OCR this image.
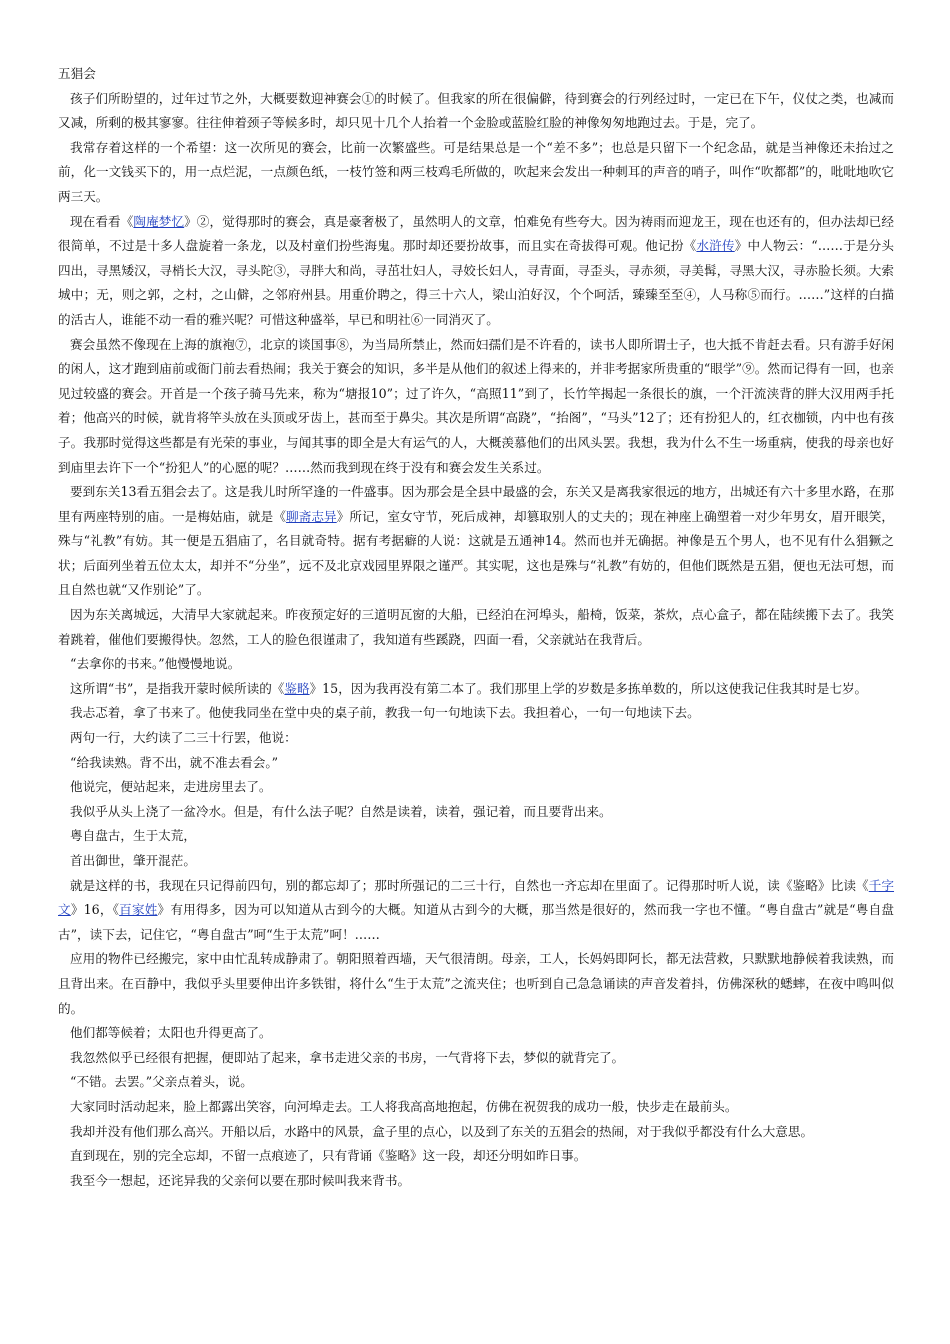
五猖会

孩子们所盼望的，过年过节之外，大概要数迎神赛会①的时候了。但我家的所在很偏僻，待到赛会的行列经过时，一定已在下午，仪仗之类，也减而又减，所剩的极其寥寥。往往伸着颈子等候多时，却只见十几个人抬着一个金脸或蓝脸红脸的神像匆匆地跑过去。于是，完了。

我常存着这样的一个希望：这一次所见的赛会，比前一次繁盛些。可是结果总是一个“差不多”；也总是只留下一个纪念品，就是当神像还未抬过之前，化一文钱买下的，用一点烂泥，一点颜色纸，一枝竹签和两三枝鸡毛所做的，吹起来会发出一种刺耳的声音的哨子，叫作“吹都都”的，吡吡地吹它两三天。

现在看看《陶庵梦忆》②，觉得那时的赛会，真是豪奢极了，虽然明人的文章，怕难免有些夸大。因为祷雨而迎龙王，现在也还有的，但办法却已经很简单，不过是十多人盘旋着一条龙，以及村童们扮些海鬼。那时却还要扮故事，而且实在奇拔得可观。他记扮《水浒传》中人物云：“……于是分头四出，寻黑矮汉，寻梢长大汉，寻头陀③，寻胖大和尚，寻茁壮妇人，寻姣长妇人，寻青面，寻歪头，寻赤须，寻美髯，寻黑大汉，寻赤脸长须。大索城中；无，则之郭，之村，之山僻，之邻府州县。用重价聘之，得三十六人，梁山泊好汉，个个呵活，臻臻至至④，人马称⑤而行。……”这样的白描的活古人，谁能不动一看的雅兴呢？可惜这种盛举，早已和明社⑥一同消灭了。

赛会虽然不像现在上海的旗袍⑦，北京的谈国事⑧，为当局所禁止，然而妇孺们是不许看的，读书人即所谓士子，也大抵不肯赶去看。只有游手好闲的闲人，这才跑到庙前或衙门前去看热闹；我关于赛会的知识，多半是从他们的叙述上得来的，并非考据家所贵重的“眼学”⑨。然而记得有一回，也亲见过较盛的赛会。开首是一个孩子骑马先来，称为“塘报10”；过了许久，“高照11”到了，长竹竿揭起一条很长的旗，一个汗流浃背的胖大汉用两手托着；他高兴的时候，就肯将竿头放在头顶或牙齿上，甚而至于鼻尖。其次是所谓“高跷”，“抬阁”，“马头”12了；还有扮犯人的，红衣枷锁，内中也有孩子。我那时觉得这些都是有光荣的事业，与闻其事的即全是大有运气的人，大概羡慕他们的出风头罢。我想，我为什么不生一场重病，使我的母亲也好到庙里去许下一个“扮犯人”的心愿的呢？……然而我到现在终于没有和赛会发生关系过。

要到东关13看五猖会去了。这是我儿时所罕逢的一件盛事。因为那会是全县中最盛的会，东关又是离我家很远的地方，出城还有六十多里水路，在那里有两座特别的庙。一是梅姑庙，就是《聊斋志异》所记，室女守节，死后成神，却篡取别人的丈夫的；现在神座上确塑着一对少年男女，眉开眼笑，殊与“礼教”有妨。其一便是五猖庙了，名目就奇特。据有考据癖的人说：这就是五通神14。然而也并无确据。神像是五个男人，也不见有什么猖獗之状；后面列坐着五位太太，却并不“分坐”，远不及北京戏园里界限之谨严。其实呢，这也是殊与“礼教”有妨的，但他们既然是五猖，便也无法可想，而且自然也就“又作别论”了。

因为东关离城远，大清早大家就起来。昨夜预定好的三道明瓦窗的大船，已经泊在河埠头，船椅，饭菜，茶炊，点心盒子，都在陆续搬下去了。我笑着跳着，催他们要搬得快。忽然，工人的脸色很谨肃了，我知道有些蹊跷，四面一看，父亲就站在我背后。

“去拿你的书来。”他慢慢地说。

这所谓“书”，是指我开蒙时候所读的《鉴略》15，因为我再没有第二本了。我们那里上学的岁数是多拣单数的，所以这使我记住我其时是七岁。

我忐忑着，拿了书来了。他使我同坐在堂中央的桌子前，教我一句一句地读下去。我担着心，一句一句地读下去。

两句一行，大约读了二三十行罢，他说：

“给我读熟。背不出，就不准去看会。”

他说完，便站起来，走进房里去了。

我似乎从头上浇了一盆冷水。但是，有什么法子呢？自然是读着，读着，强记着，而且要背出来。

粤自盘古，生于太荒，

首出御世，肇开混茫。

就是这样的书，我现在只记得前四句，别的都忘却了；那时所强记的二三十行，自然也一齐忘却在里面了。记得那时听人说，读《鉴略》比读《千字文》16，《百家姓》有用得多，因为可以知道从古到今的大概。知道从古到今的大概，那当然是很好的，然而我一字也不懂。“粤自盘古”就是“粤自盘古”，读下去，记住它，“粤自盘古”呵“生于太荒”呵！……

应用的物件已经搬完，家中由忙乱转成静肃了。朝阳照着西墙，天气很清朗。母亲，工人，长妈妈即阿长，都无法营救，只默默地静候着我读熟，而且背出来。在百静中，我似乎头里要伸出许多铁钳，将什么“生于太荒”之流夹住；也听到自己急急诵读的声音发着抖，仿佛深秋的蟋蟀，在夜中鸣叫似的。

他们都等候着；太阳也升得更高了。

我忽然似乎已经很有把握，便即站了起来，拿书走进父亲的书房，一气背将下去，梦似的就背完了。

“不错。去罢。”父亲点着头，说。

大家同时活动起来，脸上都露出笑容，向河埠走去。工人将我高高地抱起，仿佛在祝贺我的成功一般，快步走在最前头。

我却并没有他们那么高兴。开船以后，水路中的风景，盒子里的点心，以及到了东关的五猖会的热闹，对于我似乎都没有什么大意思。

直到现在，别的完全忘却，不留一点痕迹了，只有背诵《鉴略》这一段，却还分明如昨日事。

我至今一想起，还诧异我的父亲何以要在那时候叫我来背书。
